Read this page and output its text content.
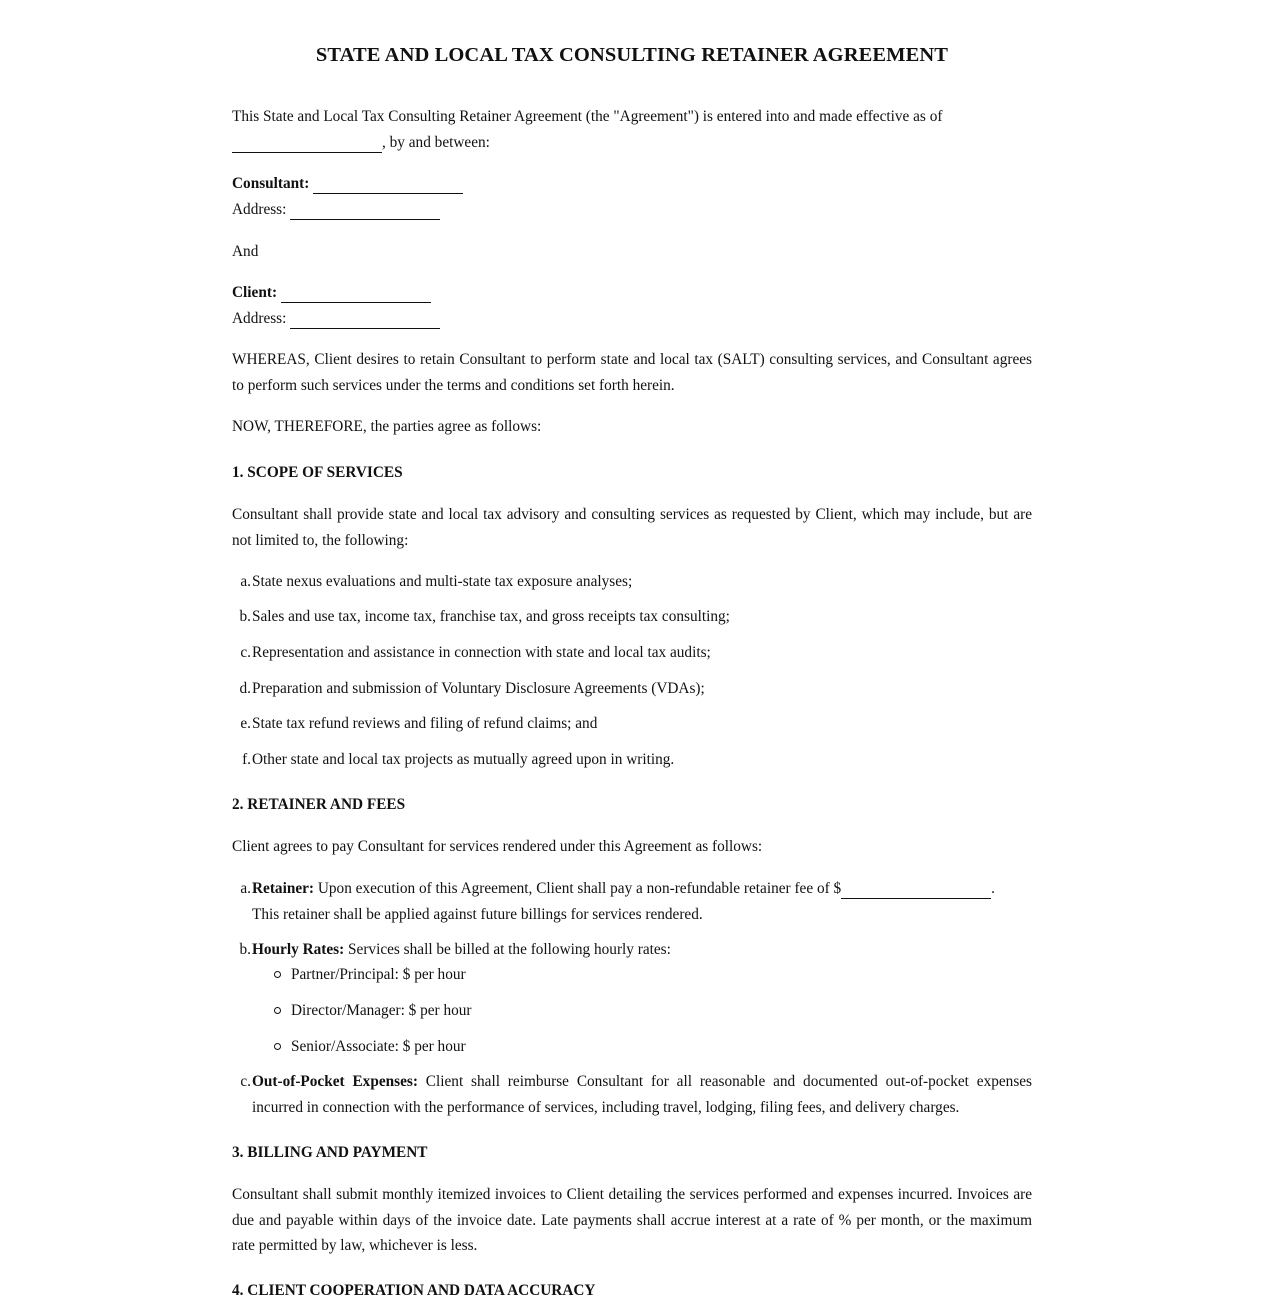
STATE AND LOCAL TAX CONSULTING RETAINER AGREEMENT

This State and Local Tax Consulting Retainer Agreement (the "Agreement") is entered into and made effective as of
, by and between:

Consultant:

Address:

And

Client:

Address:

WHEREAS, Client desires to retain Consultant to perform state and local tax (SALT) consulting services, and Consultant agrees to perform such services under the terms and conditions set forth herein.

NOW, THEREFORE, the parties agree as follows:

1. SCOPE OF SERVICES

Consultant shall provide state and local tax advisory and consulting services as requested by Client, which may include, but are not limited to, the following:

a. State nexus evaluations and multi-state tax exposure analyses;
b. Sales and use tax, income tax, franchise tax, and gross receipts tax consulting;
c. Representation and assistance in connection with state and local tax audits;
d. Preparation and submission of Voluntary Disclosure Agreements (VDAs);
e. State tax refund reviews and filing of refund claims; and
f. Other state and local tax projects as mutually agreed upon in writing.
2. RETAINER AND FEES

Client agrees to pay Consultant for services rendered under this Agreement as follows:

a. Retainer: Upon execution of this Agreement, Client shall pay a non-refundable retainer fee of $	.
This retainer shall be applied against future billings for services rendered.
b. Hourly Rates: Services shall be billed at the following hourly rates:
Partner/Principal: $ per hour
Director/Manager: $ per hour
Senior/Associate: $ per hour
c. Out-of-Pocket Expenses: Client shall reimburse Consultant for all reasonable and documented out-of-pocket expenses incurred in connection with the performance of services, including travel, lodging, filing fees, and delivery charges.
3. BILLING AND PAYMENT

Consultant shall submit monthly itemized invoices to Client detailing the services performed and expenses incurred. Invoices are due and payable within days of the invoice date. Late payments shall accrue interest at a rate of % per month, or the maximum rate permitted by law, whichever is less.

4. CLIENT COOPERATION AND DATA ACCURACY
